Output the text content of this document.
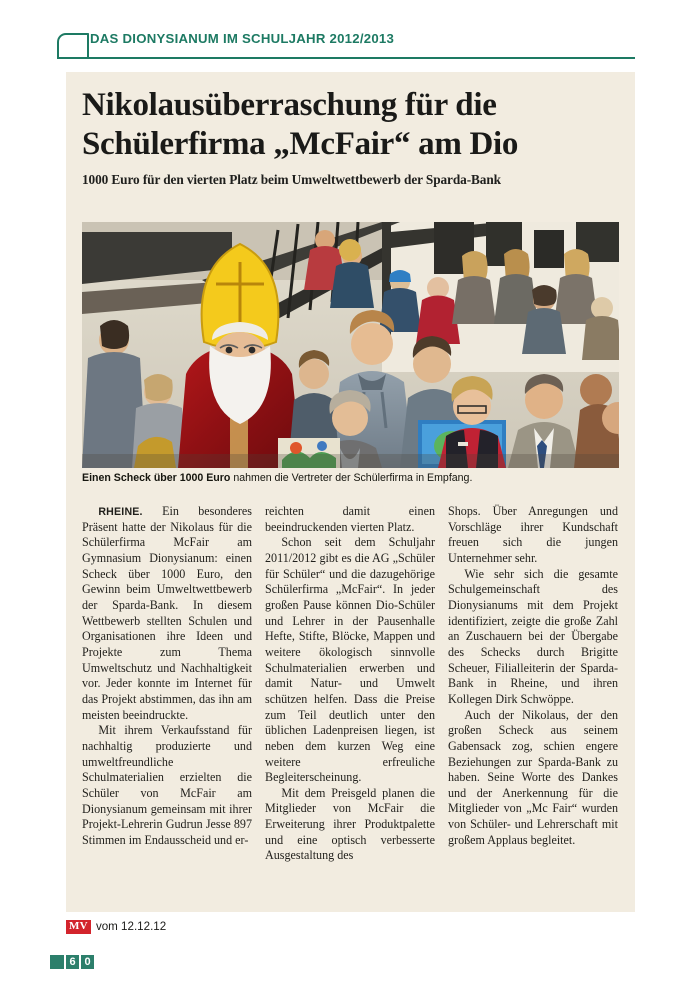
DAS DIONYSIANUM IM SCHULJAHR 2012/2013
Nikolausüberraschung für die Schülerfirma „McFair“ am Dio
1000 Euro für den vierten Platz beim Umweltwettbewerb der Sparda-Bank
Einen Scheck über 1000 Euro nahmen die Vertreter der Schülerfirma in Empfang.

RHEINE. Ein besonderes Präsent hatte der Nikolaus für die Schülerfirma McFair am Gymnasium Dionysianum: einen Scheck über 1000 Euro, den Gewinn beim Umweltwettbewerb der Sparda-Bank. In diesem Wettbewerb stellten Schulen und Organisationen ihre Ideen und Projekte zum Thema Umweltschutz und Nachhaltigkeit vor. Jeder konnte im Internet für das Projekt abstimmen, das ihn am meisten beeindruckte.

Mit ihrem Verkaufsstand für nachhaltig produzierte und umweltfreundliche Schulmaterialien erzielten die Schüler von McFair am Dionysianum gemeinsam mit ihrer Projekt-Lehrerin Gudrun Jesse 897 Stimmen im Endausscheid und er-

reichten damit einen beeindruckenden vierten Platz.

Schon seit dem Schuljahr 2011/2012 gibt es die AG „Schüler für Schüler“ und die dazugehörige Schülerfirma „McFair“. In jeder großen Pause können Dio-Schüler und Lehrer in der Pausenhalle Hefte, Stifte, Blöcke, Mappen und weitere ökologisch sinnvolle Schulmaterialien erwerben und damit Natur- und Umwelt schützen helfen. Dass die Preise zum Teil deutlich unter den üblichen Ladenpreisen liegen, ist neben dem kurzen Weg eine weitere erfreuliche Begleiterscheinung.

Mit dem Preisgeld planen die Mitglieder von McFair die Erweiterung ihrer Produktpalette und eine optisch verbesserte Ausgestaltung des

Shops. Über Anregungen und Vorschläge ihrer Kundschaft freuen sich die jungen Unternehmer sehr.

Wie sehr sich die gesamte Schulgemeinschaft des Dionysianums mit dem Projekt identifiziert, zeigte die große Zahl an Zuschauern bei der Übergabe des Schecks durch Brigitte Scheuer, Filialleiterin der Sparda-Bank in Rheine, und ihren Kollegen Dirk Schwöppe.

Auch der Nikolaus, der den großen Scheck aus seinem Gabensack zog, schien engere Beziehungen zur Sparda-Bank zu haben. Seine Worte des Dankes und der Anerkennung für die Mitglieder von „Mc Fair“ wurden von Schüler- und Lehrerschaft mit großem Applaus begleitet.

MV vom 12.12.12
6 0
